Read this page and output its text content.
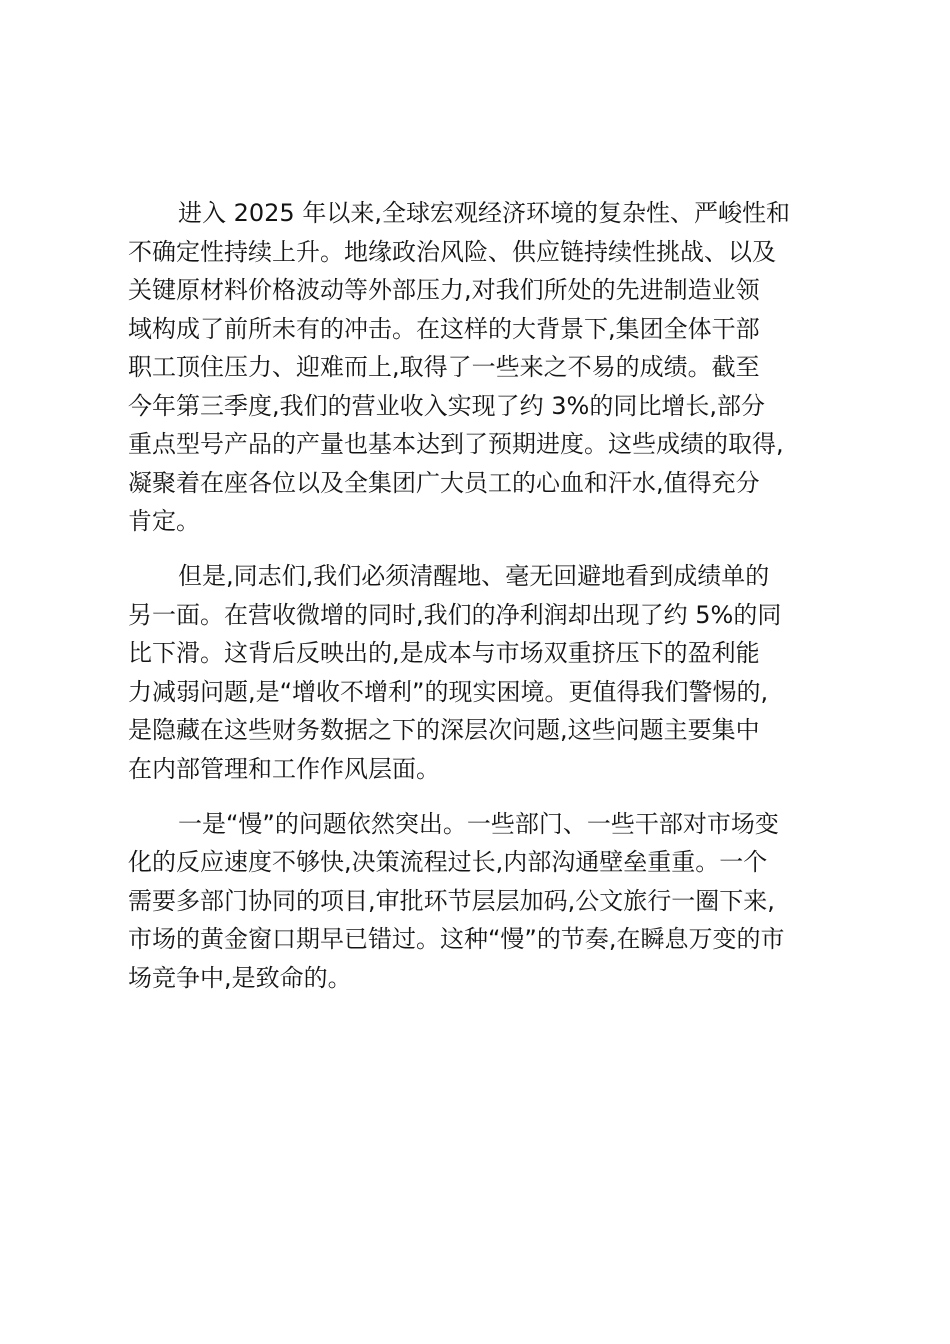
进入 2025 年以来,全球宏观经济环境的复杂性、严峻性和
不确定性持续上升。地缘政治风险、供应链持续性挑战、以及
关键原材料价格波动等外部压力,对我们所处的先进制造业领
域构成了前所未有的冲击。在这样的大背景下,集团全体干部
职工顶住压力、迎难而上,取得了一些来之不易的成绩。截至
今年第三季度,我们的营业收入实现了约 3%的同比增长,部分
重点型号产品的产量也基本达到了预期进度。这些成绩的取得,
凝聚着在座各位以及全集团广大员工的心血和汗水,值得充分
肯定。
但是,同志们,我们必须清醒地、毫无回避地看到成绩单的
另一面。在营收微增的同时,我们的净利润却出现了约 5%的同
比下滑。这背后反映出的,是成本与市场双重挤压下的盈利能
力减弱问题,是“增收不增利”的现实困境。更值得我们警惕的,
是隐藏在这些财务数据之下的深层次问题,这些问题主要集中
在内部管理和工作作风层面。
一是“慢”的问题依然突出。一些部门、一些干部对市场变
化的反应速度不够快,决策流程过长,内部沟通壁垒重重。一个
需要多部门协同的项目,审批环节层层加码,公文旅行一圈下来,
市场的黄金窗口期早已错过。这种“慢”的节奏,在瞬息万变的市
场竞争中,是致命的。
